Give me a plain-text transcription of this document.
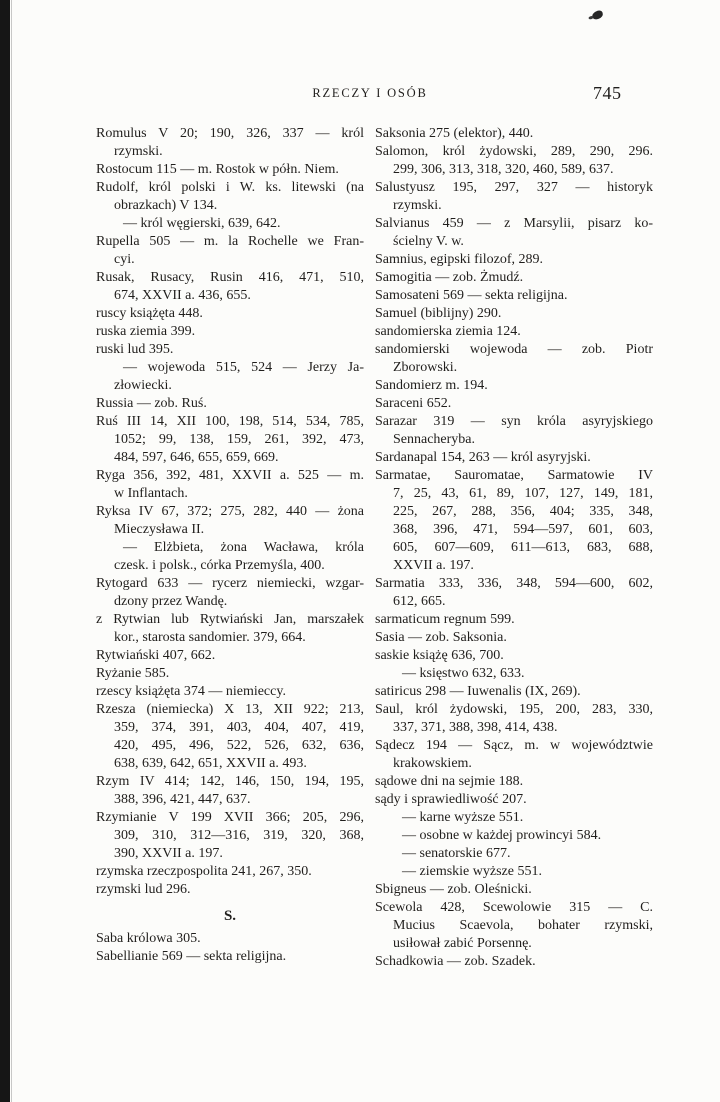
RZECZY I OSÓB	745
Romulus V 20; 190, 326, 337 — król
rzymski.
Rostocum 115 — m. Rostok w półn. Niem.
Rudolf, król polski i W. ks. litewski (na
obrazkach) V 134.
— król węgierski, 639, 642.
Rupella 505 — m. la Rochelle we Fran-
cyi.
Rusak, Rusacy, Rusin 416, 471, 510,
674, XXVII a. 436, 655.
ruscy książęta 448.
ruska ziemia 399.
ruski lud 395.
— wojewoda 515, 524 — Jerzy Ja-
złowiecki.
Russia — zob. Ruś.
Ruś III 14, XII 100, 198, 514, 534, 785,
1052; 99, 138, 159, 261, 392, 473,
484, 597, 646, 655, 659, 669.
Ryga 356, 392, 481, XXVII a. 525 — m.
w Inflantach.
Ryksa IV 67, 372; 275, 282, 440 — żona
Mieczysława II.
— Elżbieta, żona Wacława, króla
czesk. i polsk., córka Przemyśla, 400.
Rytogard 633 — rycerz niemiecki, wzgar-
dzony przez Wandę.
z Rytwian lub Rytwiański Jan, marszałek
kor., starosta sandomier. 379, 664.
Rytwiański 407, 662.
Ryżanie 585.
rzescy książęta 374 — niemieccy.
Rzesza (niemiecka) X 13, XII 922; 213,
359, 374, 391, 403, 404, 407, 419,
420, 495, 496, 522, 526, 632, 636,
638, 639, 642, 651, XXVII a. 493.
Rzym IV 414; 142, 146, 150, 194, 195,
388, 396, 421, 447, 637.
Rzymianie V 199 XVII 366; 205, 296,
309, 310, 312—316, 319, 320, 368,
390, XXVII a. 197.
rzymska rzeczpospolita 241, 267, 350.
rzymski lud 296.
S.
Saba królowa 305.
Sabellianie 569 — sekta religijna.
Saksonia 275 (elektor), 440.
Salomon, król żydowski, 289, 290, 296.
299, 306, 313, 318, 320, 460, 589, 637.
Salustyusz 195, 297, 327 — historyk
rzymski.
Salvianus 459 — z Marsylii, pisarz ko-
ścielny V. w.
Samnius, egipski filozof, 289.
Samogitia — zob. Żmudź.
Samosateni 569 — sekta religijna.
Samuel (biblijny) 290.
sandomierska ziemia 124.
sandomierski wojewoda — zob. Piotr
Zborowski.
Sandomierz m. 194.
Saraceni 652.
Sarazar 319 — syn króla asyryjskiego
Sennacheryba.
Sardanapal 154, 263 — król asyryjski.
Sarmatae, Sauromatae, Sarmatowie IV
7, 25, 43, 61, 89, 107, 127, 149, 181,
225, 267, 288, 356, 404; 335, 348,
368, 396, 471, 594—597, 601, 603,
605, 607—609, 611—613, 683, 688,
XXVII a. 197.
Sarmatia 333, 336, 348, 594—600, 602,
612, 665.
sarmaticum regnum 599.
Sasia — zob. Saksonia.
saskie książę 636, 700.
— księstwo 632, 633.
satiricus 298 — Iuwenalis (IX, 269).
Saul, król żydowski, 195, 200, 283, 330,
337, 371, 388, 398, 414, 438.
Sądecz 194 — Sącz, m. w województwie
krakowskiem.
sądowe dni na sejmie 188.
sądy i sprawiedliwość 207.
— karne wyższe 551.
— osobne w każdej prowincyi 584.
— senatorskie 677.
— ziemskie wyższe 551.
Sbigneus — zob. Oleśnicki.
Scewola 428, Scewolowie 315 — C.
Mucius Scaevola, bohater rzymski,
usiłował zabić Porsennę.
Schadkowia — zob. Szadek.
